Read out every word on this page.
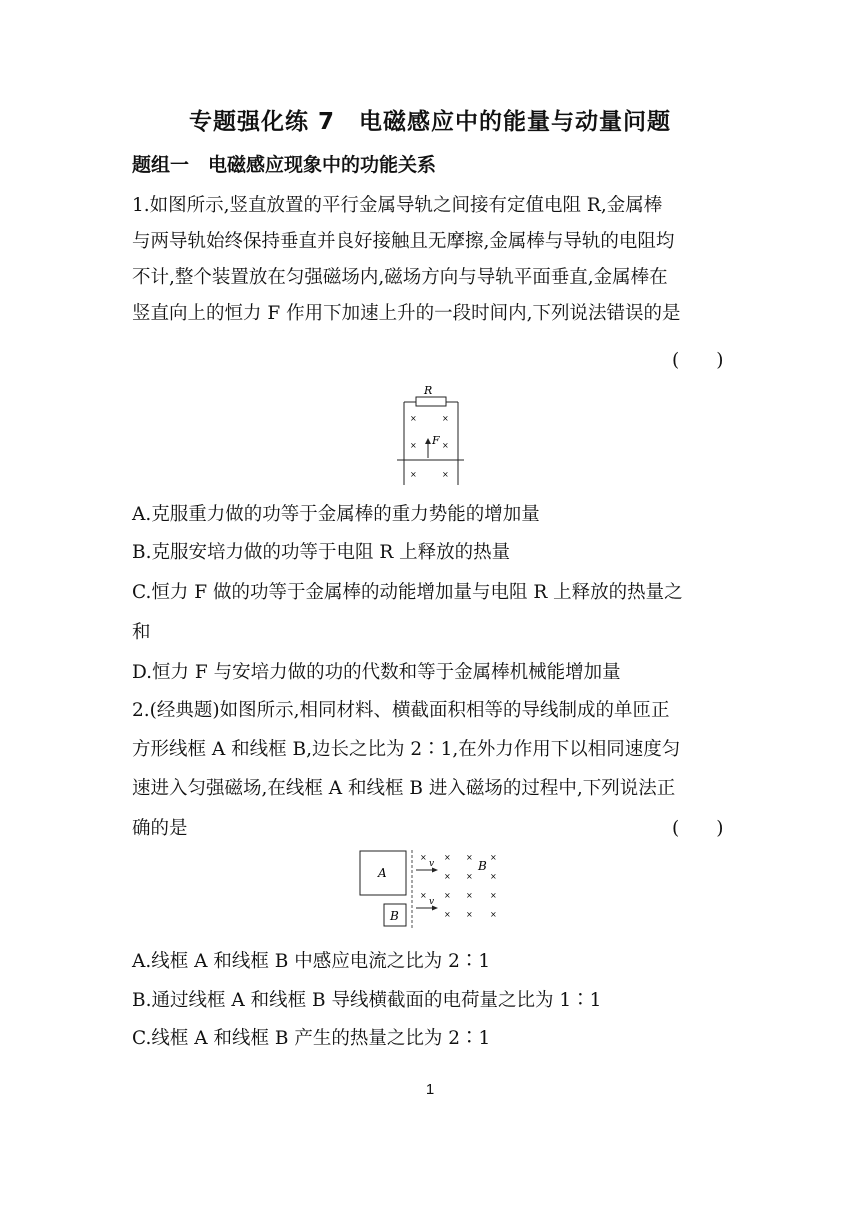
专题强化练 7　电磁感应中的能量与动量问题
题组一　电磁感应现象中的功能关系
1.如图所示,竖直放置的平行金属导轨之间接有定值电阻 R,金属棒
与两导轨始终保持垂直并良好接触且无摩擦,金属棒与导轨的电阻均
不计,整个装置放在匀强磁场内,磁场方向与导轨平面垂直,金属棒在
竖直向上的恒力 F 作用下加速上升的一段时间内,下列说法错误的是
(　　)
R
F
×	×
×	×
×	×
A.克服重力做的功等于金属棒的重力势能的增加量
B.克服安培力做的功等于电阻 R 上释放的热量
C.恒力 F 做的功等于金属棒的动能增加量与电阻 R 上释放的热量之
和
D.恒力 F 与安培力做的功的代数和等于金属棒机械能增加量
2.(经典题)如图所示,相同材料、横截面积相等的导线制成的单匝正
方形线框 A 和线框 B,边长之比为 2∶1,在外力作用下以相同速度匀
速进入匀强磁场,在线框 A 和线框 B 进入磁场的过程中,下列说法正
确的是	(　　)
A
B
v
v
B
× × × ×
× × ×
× × × ×
× × ×
A.线框 A 和线框 B 中感应电流之比为 2∶1
B.通过线框 A 和线框 B 导线横截面的电荷量之比为 1∶1
C.线框 A 和线框 B 产生的热量之比为 2∶1
1
